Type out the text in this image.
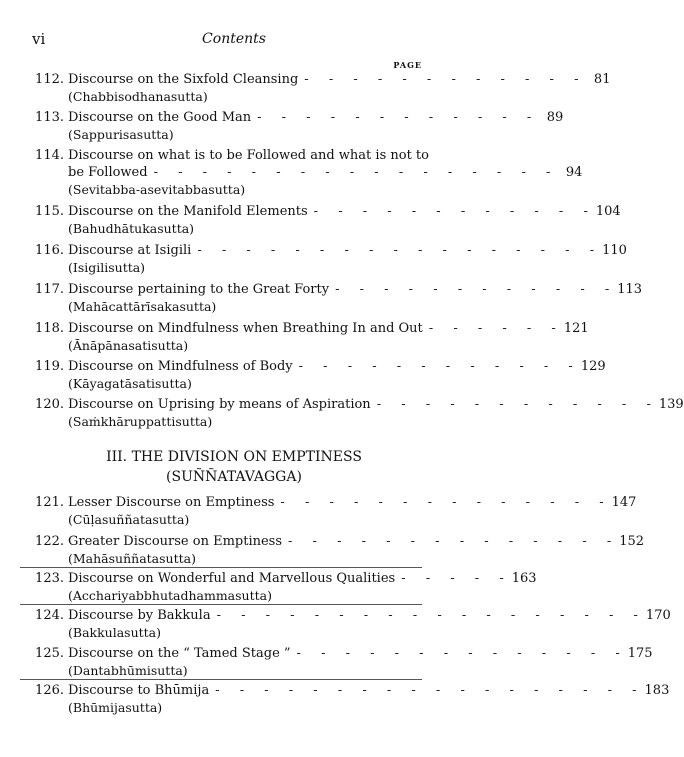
vi	Contents
PAGE
112. Discourse on the Sixfold Cleansing - - - - - - - - - - - - 81
(Chabbisodhanasutta)
113. Discourse on the Good Man - - - - - - - - - - - - 89
(Sappurisasutta)
114. Discourse on what is to be Followed and what is not to
be Followed - - - - - - - - - - - - - - - - - 94
(Sevitabba-asevitabbasutta)
115. Discourse on the Manifold Elements - - - - - - - - - - - - 104
(Bahudhātukasutta)
116. Discourse at Isigili - - - - - - - - - - - - - - - - - 110
(Isigilisutta)
117. Discourse pertaining to the Great Forty - - - - - - - - - - - - 113
(Mahācattārīsakasutta)
118. Discourse on Mindfulness when Breathing In and Out - - - - - - 121
(Ānāpānasatisutta)
119. Discourse on Mindfulness of Body - - - - - - - - - - - - 129
(Kāyagatāsatisutta)
120. Discourse on Uprising by means of Aspiration - - - - - - - - - - - - 139
(Saṁkhāruppattisutta)
III. THE DIVISION ON EMPTINESS
(SUÑÑATAVAGGA)
121. Lesser Discourse on Emptiness - - - - - - - - - - - - - - 147
(Cūḷasuññatasutta)
122. Greater Discourse on Emptiness - - - - - - - - - - - - - - 152
(Mahāsuññatasutta)
123. Discourse on Wonderful and Marvellous Qualities - - - - - 163
(Acchariyabbhutadhammasutta)
124. Discourse by Bakkula - - - - - - - - - - - - - - - - - - 170
(Bakkulasutta)
125. Discourse on the “ Tamed Stage ” - - - - - - - - - - - - - - 175
(Dantabhūmisutta)
126. Discourse to Bhūmija - - - - - - - - - - - - - - - - - - 183
(Bhūmijasutta)
